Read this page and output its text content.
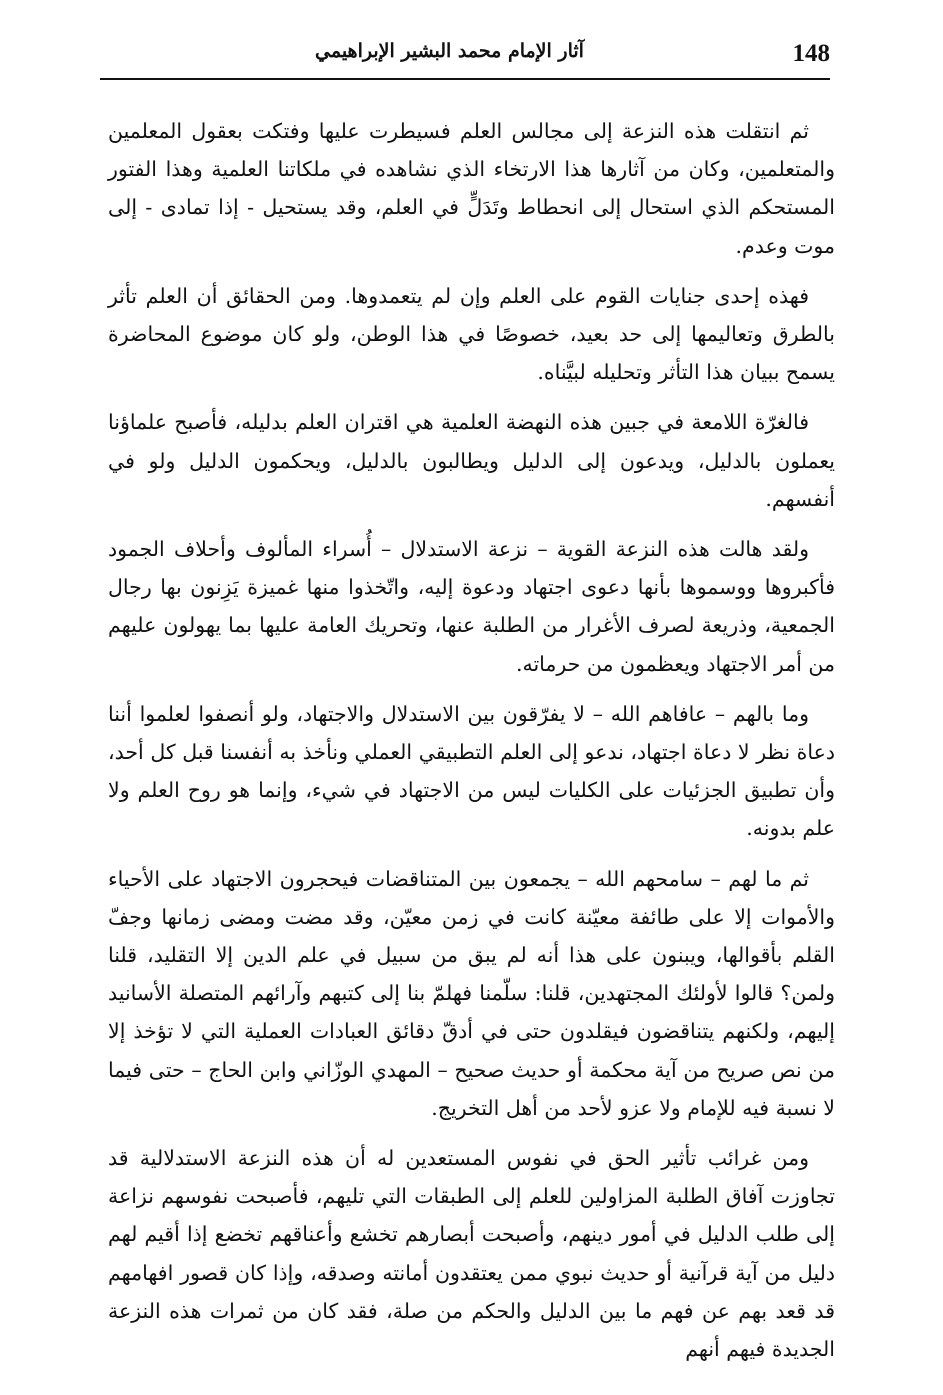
148
آثار الإمام محمد البشير الإبراهيمي

ثم انتقلت هذه النزعة إلى مجالس العلم فسيطرت عليها وفتكت بعقول المعلمين والمتعلمين، وكان من آثارها هذا الارتخاء الذي نشاهده في ملكاتنا العلمية وهذا الفتور المستحكم الذي استحال إلى انحطاط وتَدَلٍّ في العلم، وقد يستحيل - إذا تمادى - إلى موت وعدم.

فهذه إحدى جنايات القوم على العلم وإن لم يتعمدوها. ومن الحقائق أن العلم تأثر بالطرق وتعاليمها إلى حد بعيد، خصوصًا في هذا الوطن، ولو كان موضوع المحاضرة يسمح ببيان هذا التأثر وتحليله لبيَّناه.

فالغرّة اللامعة في جبين هذه النهضة العلمية هي اقتران العلم بدليله، فأصبح علماؤنا يعملون بالدليل، ويدعون إلى الدليل ويطالبون بالدليل، ويحكمون الدليل ولو في أنفسهم.

ولقد هالت هذه النزعة القوية – نزعة الاستدلال – أُسراء المألوف وأحلاف الجمود فأكبروها ووسموها بأنها دعوى اجتهاد ودعوة إليه، واتّخذوا منها غميزة يَزِنون بها رجال الجمعية، وذريعة لصرف الأغرار من الطلبة عنها، وتحريك العامة عليها بما يهولون عليهم من أمر الاجتهاد ويعظمون من حرماته.

وما بالهم – عافاهم الله – لا يفرّقون بين الاستدلال والاجتهاد، ولو أنصفوا لعلموا أننا دعاة نظر لا دعاة اجتهاد، ندعو إلى العلم التطبيقي العملي ونأخذ به أنفسنا قبل كل أحد، وأن تطبيق الجزئيات على الكليات ليس من الاجتهاد في شيء، وإنما هو روح العلم ولا علم بدونه.

ثم ما لهم – سامحهم الله – يجمعون بين المتناقضات فيحجرون الاجتهاد على الأحياء والأموات إلا على طائفة معيّنة كانت في زمن معيّن، وقد مضت ومضى زمانها وجفّ القلم بأقوالها، ويبنون على هذا أنه لم يبق من سبيل في علم الدين إلا التقليد، قلنا ولمن؟ قالوا لأولئك المجتهدين، قلنا: سلّمنا فهلمّ بنا إلى كتبهم وآرائهم المتصلة الأسانيد إليهم، ولكنهم يتناقضون فيقلدون حتى في أدقّ دقائق العبادات العملية التي لا تؤخذ إلا من نص صريح من آية محكمة أو حديث صحيح – المهدي الوزّاني وابن الحاج – حتى فيما لا نسبة فيه للإمام ولا عزو لأحد من أهل التخريج.

ومن غرائب تأثير الحق في نفوس المستعدين له أن هذه النزعة الاستدلالية قد تجاوزت آفاق الطلبة المزاولين للعلم إلى الطبقات التي تليهم، فأصبحت نفوسهم نزاعة إلى طلب الدليل في أمور دينهم، وأصبحت أبصارهم تخشع وأعناقهم تخضع إذا أقيم لهم دليل من آية قرآنية أو حديث نبوي ممن يعتقدون أمانته وصدقه، وإذا كان قصور افهامهم قد قعد بهم عن فهم ما بين الدليل والحكم من صلة، فقد كان من ثمرات هذه النزعة الجديدة فيهم أنهم
